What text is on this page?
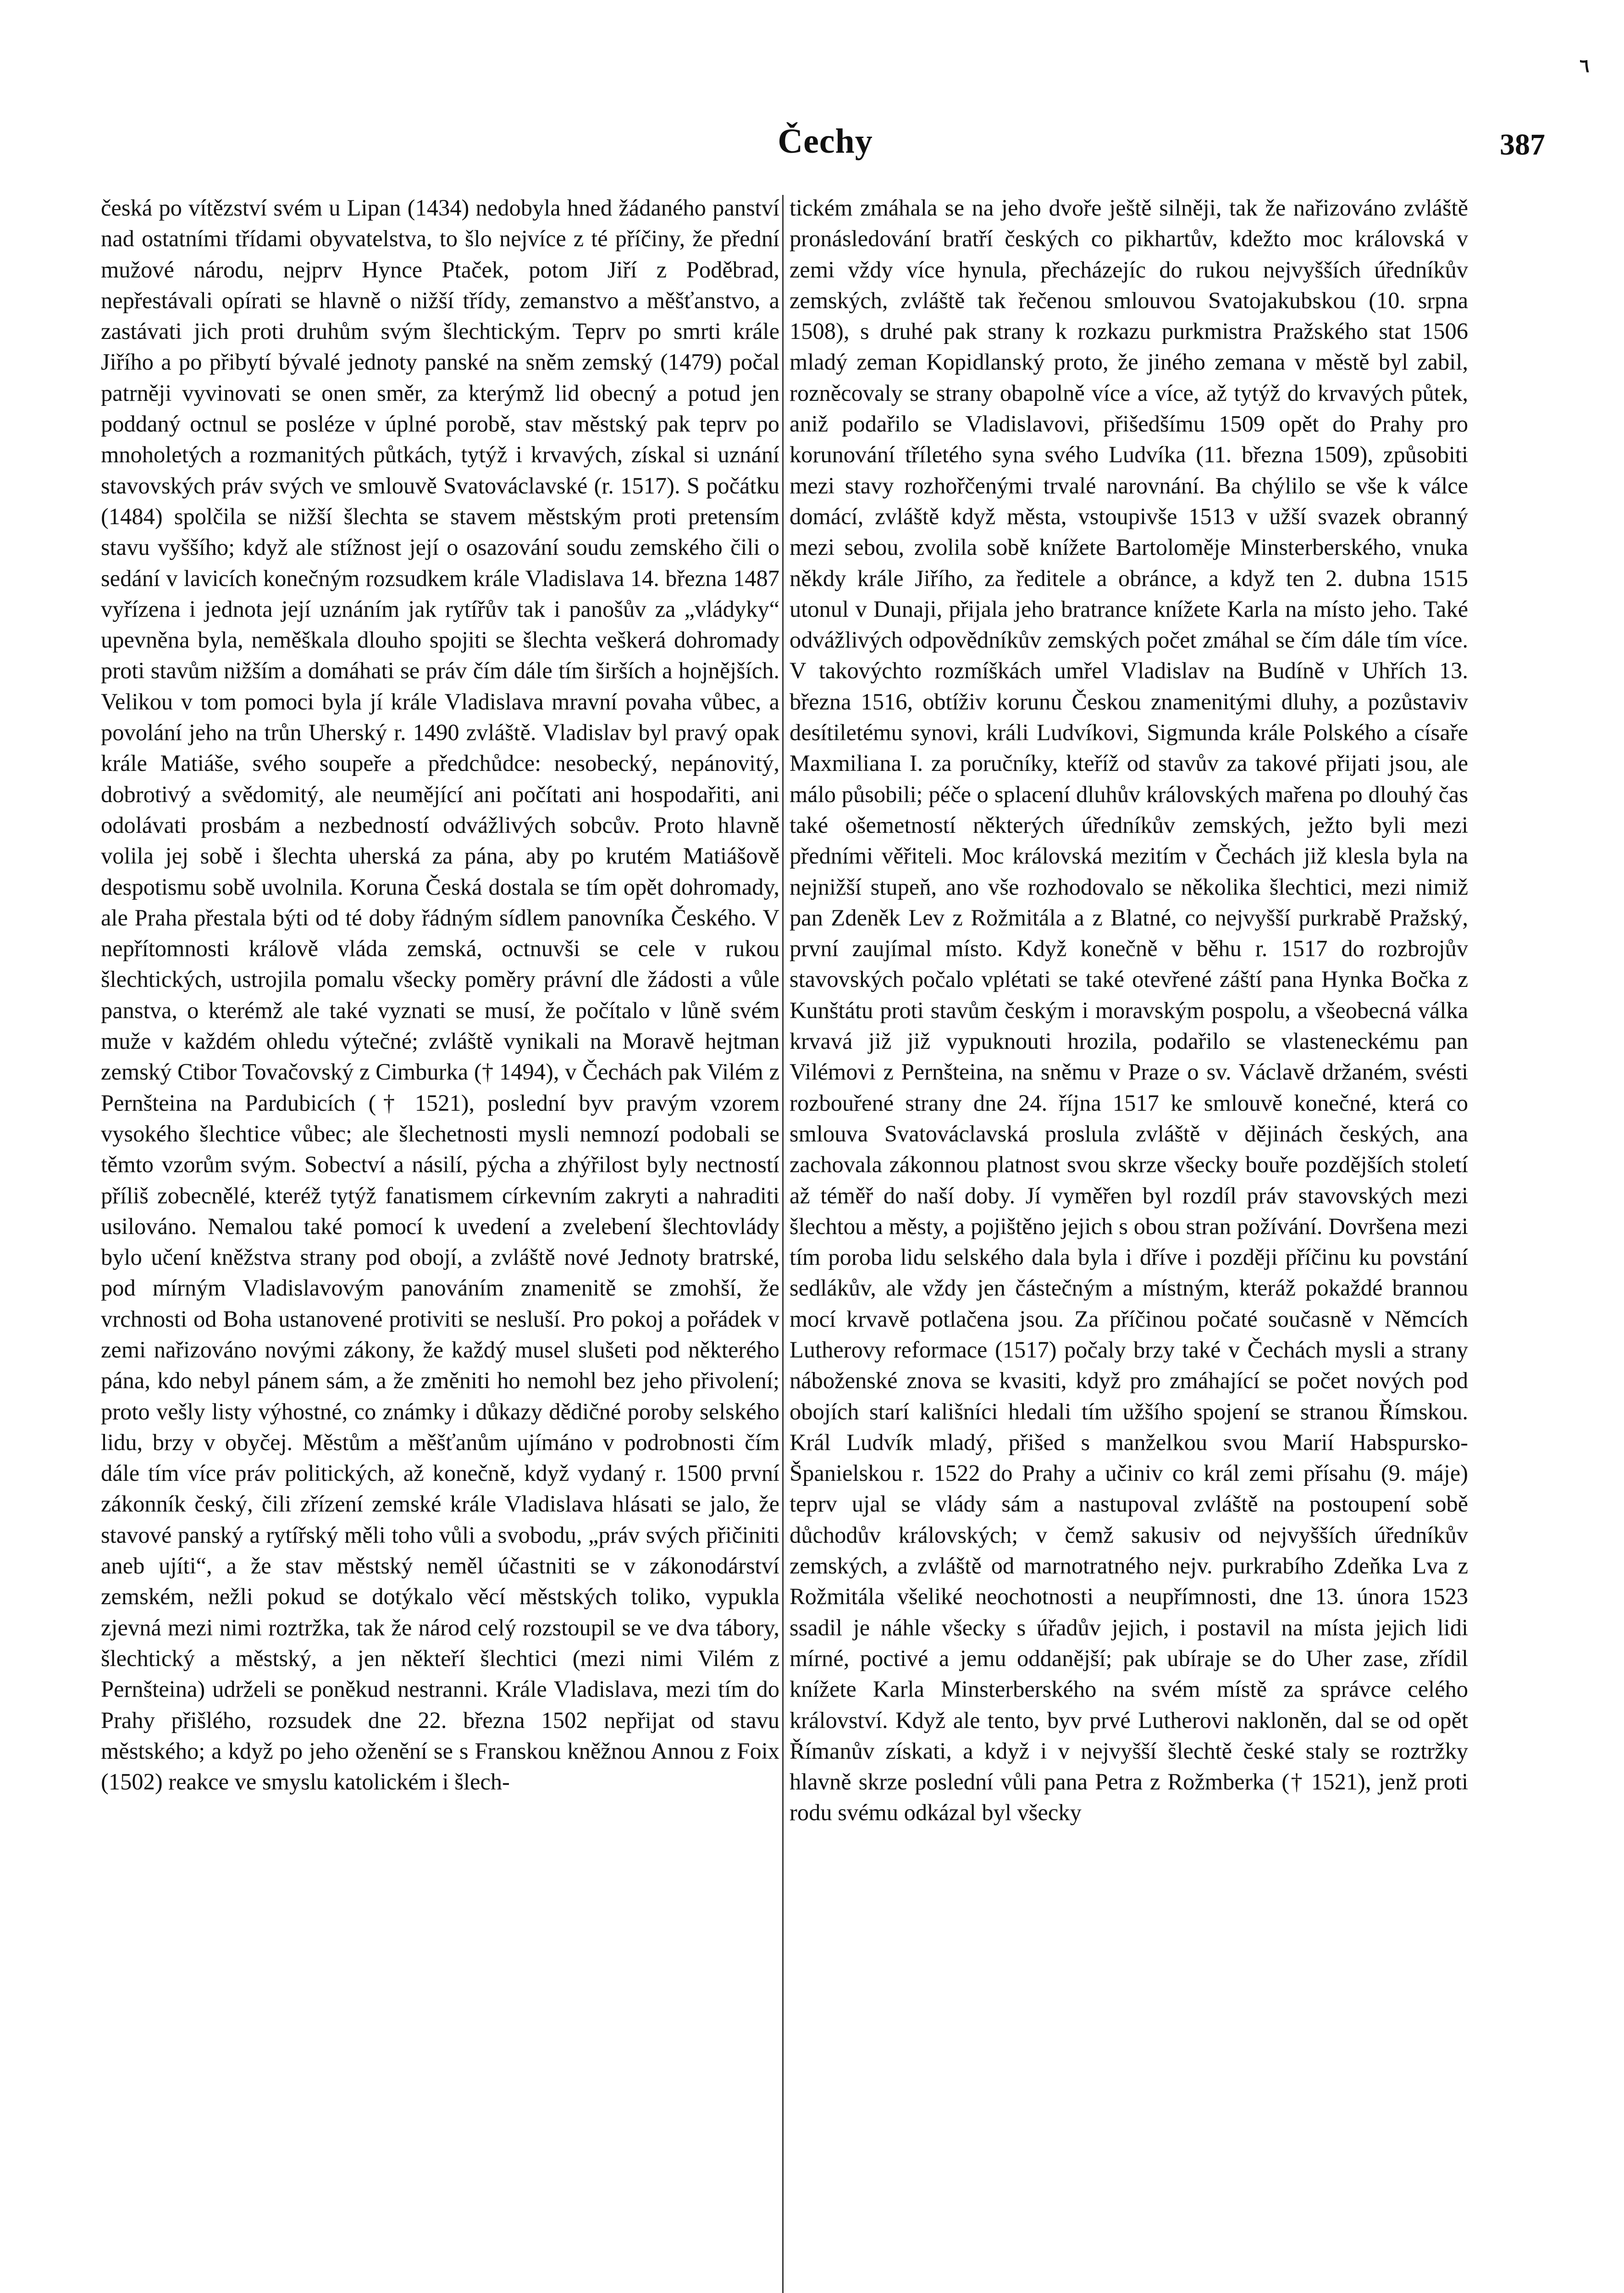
٦
Čechy	387

česká po vítězství svém u Lipan (1434) nedobyla hned žádaného panství nad ostatními třídami obyvatelstva, to šlo nejvíce z té příčiny, že přední mužové národu, nejprv Hynce Ptaček, potom Jiří z Poděbrad, nepřestávali opírati se hlavně o nižší třídy, zemanstvo a měšťanstvo, a zastávati jich proti druhům svým šlechtickým. Teprv po smrti krále Jiřího a po přibytí bývalé jednoty panské na sněm zemský (1479) počal patrněji vyvinovati se onen směr, za kterýmž lid obecný a potud jen poddaný octnul se posléze v úplné porobě, stav městský pak teprv po mnoholetých a rozmanitých půtkách, tytýž i krvavých, získal si uznání stavovských práv svých ve smlouvě Svatováclavské (r. 1517). S počátku (1484) spolčila se nižší šlechta se stavem městským proti pretensím stavu vyššího; když ale stížnost její o osazování soudu zemského čili o sedání v lavicích konečným rozsudkem krále Vladislava 14. března 1487 vyřízena i jednota její uznáním jak rytířův tak i panošův za „vládyky“ upevněna byla, neměškala dlouho spojiti se šlechta veškerá dohromady proti stavům nižším a domáhati se práv čím dále tím širších a hojnějších. Velikou v tom pomoci byla jí krále Vladislava mravní povaha vůbec, a povolání jeho na trůn Uherský r. 1490 zvláště. Vladislav byl pravý opak krále Matiáše, svého soupeře a předchůdce: nesobecký, nepánovitý, dobrotivý a svědomitý, ale neumějící ani počítati ani hospodařiti, ani odolávati prosbám a nezbedností odvážlivých sobcův. Proto hlavně volila jej sobě i šlechta uherská za pána, aby po krutém Matiášově despotismu sobě uvolnila. Koruna Česká dostala se tím opět dohromady, ale Praha přestala býti od té doby řádným sídlem panovníka Českého. V nepřítomnosti králově vláda zemská, octnuvši se cele v rukou šlechtických, ustrojila pomalu všecky poměry právní dle žádosti a vůle panstva, o kterémž ale také vyznati se musí, že počítalo v lůně svém muže v každém ohledu výtečné; zvláště vynikali na Moravě hejtman zemský Ctibor Tovačovský z Cimburka († 1494), v Čechách pak Vilém z Pernšteina na Pardubicích († 1521), poslední byv pravým vzorem vysokého šlechtice vůbec; ale šlechetnosti mysli nemnozí podobali se těmto vzorům svým. Sobectví a násilí, pýcha a zhýřilost byly nectností příliš zobecnělé, kteréž tytýž fanatismem církevním zakryti a nahraditi usilováno. Nemalou také pomocí k uvedení a zvelebení šlechtovlády bylo učení kněžstva strany pod obojí, a zvláště nové Jednoty bratrské, pod mírným Vladislavovým panováním znamenitě se zmohší, že vrchnosti od Boha ustanovené protiviti se nesluší. Pro pokoj a pořádek v zemi nařizováno novými zákony, že každý musel slušeti pod některého pána, kdo nebyl pánem sám, a že změniti ho nemohl bez jeho přivolení; proto vešly listy výhostné, co známky i důkazy dědičné poroby selského lidu, brzy v obyčej. Městům a měšťanům ujímáno v podrobnosti čím dále tím více práv politických, až konečně, když vydaný r. 1500 první zákonník český, čili zřízení zemské krále Vladislava hlásati se jalo, že stavové panský a rytířský měli toho vůli a svobodu, „práv svých přičiniti aneb ujíti“, a že stav městský neměl účastniti se v zákonodárství zemském, nežli pokud se dotýkalo věcí městských toliko, vypukla zjevná mezi nimi roztržka, tak že národ celý rozstoupil se ve dva tábory, šlechtický a městský, a jen někteří šlechtici (mezi nimi Vilém z Pernšteina) udrželi se poněkud nestranni. Krále Vladislava, mezi tím do Prahy přišlého, rozsudek dne 22. března 1502 nepřijat od stavu městského; a když po jeho oženění se s Franskou kněžnou Annou z Foix (1502) reakce ve smyslu katolickém i šlech-

tickém zmáhala se na jeho dvoře ještě silněji, tak že nařizováno zvláště pronásledování bratří českých co pikhartův, kdežto moc královská v zemi vždy více hynula, přecházejíc do rukou nejvyšších úředníkův zemských, zvláště tak řečenou smlouvou Svatojakubskou (10. srpna 1508), s druhé pak strany k rozkazu purkmistra Pražského stat 1506 mladý zeman Kopidlanský proto, že jiného zemana v městě byl zabil, rozněcovaly se strany obapolně více a více, až tytýž do krvavých půtek, aniž podařilo se Vladislavovi, přišedšímu 1509 opět do Prahy pro korunování tříletého syna svého Ludvíka (11. března 1509), způsobiti mezi stavy rozhořčenými trvalé narovnání. Ba chýlilo se vše k válce domácí, zvláště když města, vstoupivše 1513 v užší svazek obranný mezi sebou, zvolila sobě knížete Bartoloměje Minsterberského, vnuka někdy krále Jiřího, za ředitele a obránce, a když ten 2. dubna 1515 utonul v Dunaji, přijala jeho bratrance knížete Karla na místo jeho. Také odvážlivých odpovědníkův zemských počet zmáhal se čím dále tím více. V takovýchto rozmíškách umřel Vladislav na Budíně v Uhřích 13. března 1516, obtíživ korunu Českou znamenitými dluhy, a pozůstaviv desítiletému synovi, králi Ludvíkovi, Sigmunda krále Polského a císaře Maxmiliana I. za poručníky, kteříž od stavův za takové přijati jsou, ale málo působili; péče o splacení dluhův královských mařena po dlouhý čas také ošemetností některých úředníkův zemských, ježto byli mezi předními věřiteli. Moc královská mezitím v Čechách již klesla byla na nejnižší stupeň, ano vše rozhodovalo se několika šlechtici, mezi nimiž pan Zdeněk Lev z Rožmitála a z Blatné, co nejvyšší purkrabě Pražský, první zaujímal místo. Když konečně v běhu r. 1517 do rozbrojův stavovských počalo vplétati se také otevřené záští pana Hynka Bočka z Kunštátu proti stavům českým i moravským pospolu, a všeobecná válka krvavá již již vypuknouti hrozila, podařilo se vlasteneckému pan Vilémovi z Pernšteina, na sněmu v Praze o sv. Václavě držaném, svésti rozbouřené strany dne 24. října 1517 ke smlouvě konečné, která co smlouva Svatováclavská proslula zvláště v dějinách českých, ana zachovala zákonnou platnost svou skrze všecky bouře pozdějších století až téměř do naší doby. Jí vyměřen byl rozdíl práv stavovských mezi šlechtou a městy, a pojištěno jejich s obou stran požívání. Dovršena mezi tím poroba lidu selského dala byla i dříve i později příčinu ku povstání sedlákův, ale vždy jen částečným a místným, kteráž pokaždé brannou mocí krvavě potlačena jsou. Za příčinou počaté současně v Němcích Lutherovy reformace (1517) počaly brzy také v Čechách mysli a strany náboženské znova se kvasiti, když pro zmáhající se počet nových pod obojích starí kališníci hledali tím užšího spojení se stranou Římskou. Král Ludvík mladý, přišed s manželkou svou Marií Habspurskо-Španielskou r. 1522 do Prahy a učiniv co král zemi přísahu (9. máje) teprv ujal se vlády sám a nastupoval zvláště na postoupení sobě důchodův královských; v čemž sakusiv od nejvyšších úředníkův zemských, a zvláště od marnotratného nejv. purkrabího Zdeňka Lva z Rožmitála všeliké neochotnosti a neupřímnosti, dne 13. února 1523 ssadil je náhle všecky s úřadův jejich, i postavil na místa jejich lidi mírné, poctivé a jemu oddanější; pak ubíraje se do Uher zase, zřídil knížete Karla Minsterberského na svém místě za správce celého království. Když ale tento, byv prvé Lutherovi nakloněn, dal se od opět Římanův získati, a když i v nejvyšší šlechtě české staly se roztržky hlavně skrze poslední vůli pana Petra z Rožmberka († 1521), jenž proti rodu svému odkázal byl všecky
